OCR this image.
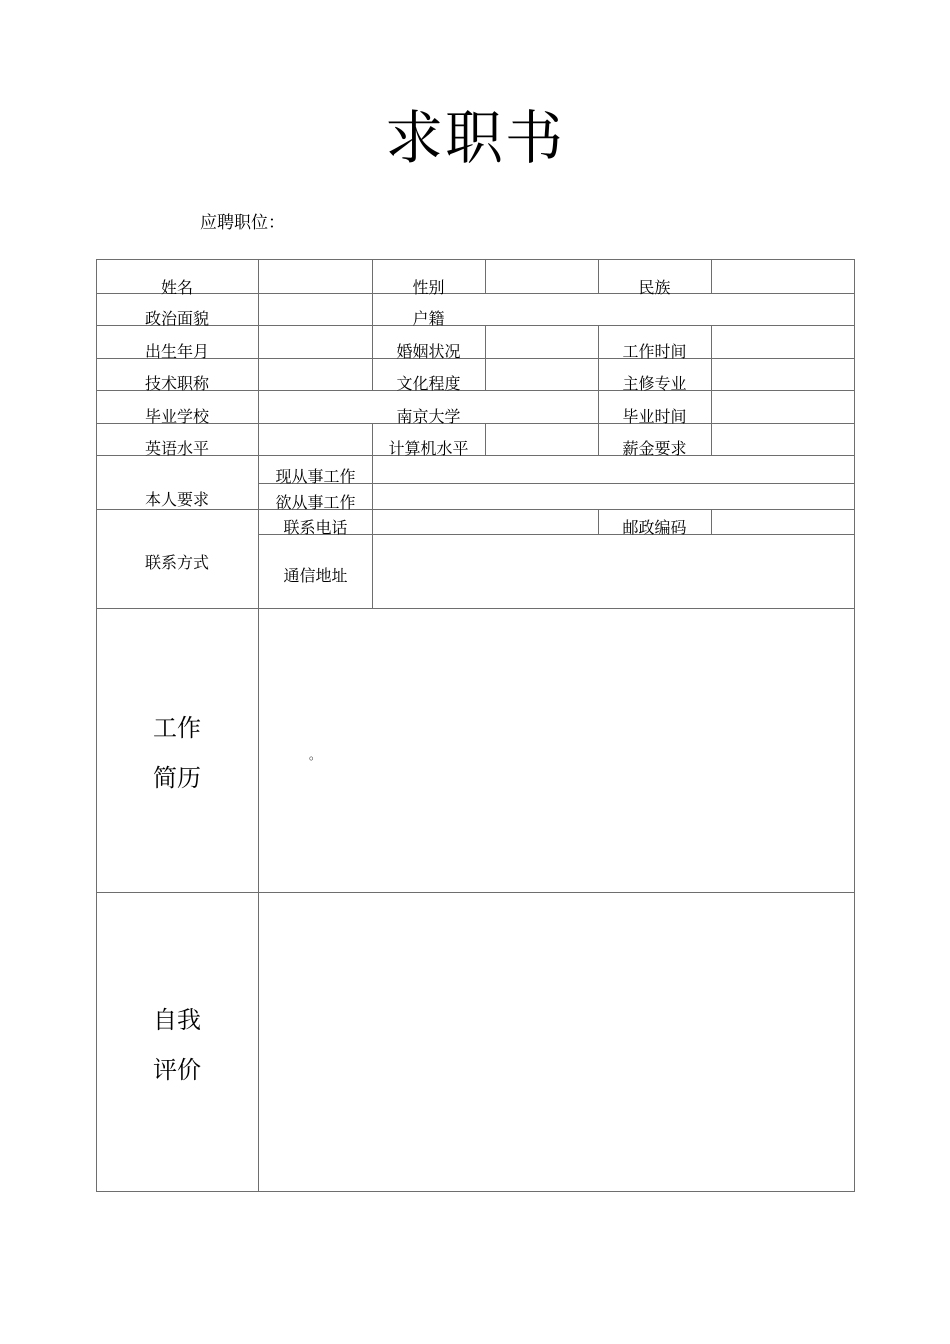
求职书
应聘职位：
姓名	性别	民族
政治面貌	户籍
出生年月	婚姻状况	工作时间
技术职称	文化程度	主修专业
毕业学校	南京大学	毕业时间
英语水平	计算机水平	薪金要求
本人要求
现从事工作
欲从事工作
联系方式
联系电话	邮政编码
通信地址
工作
简历
。
自我
评价
